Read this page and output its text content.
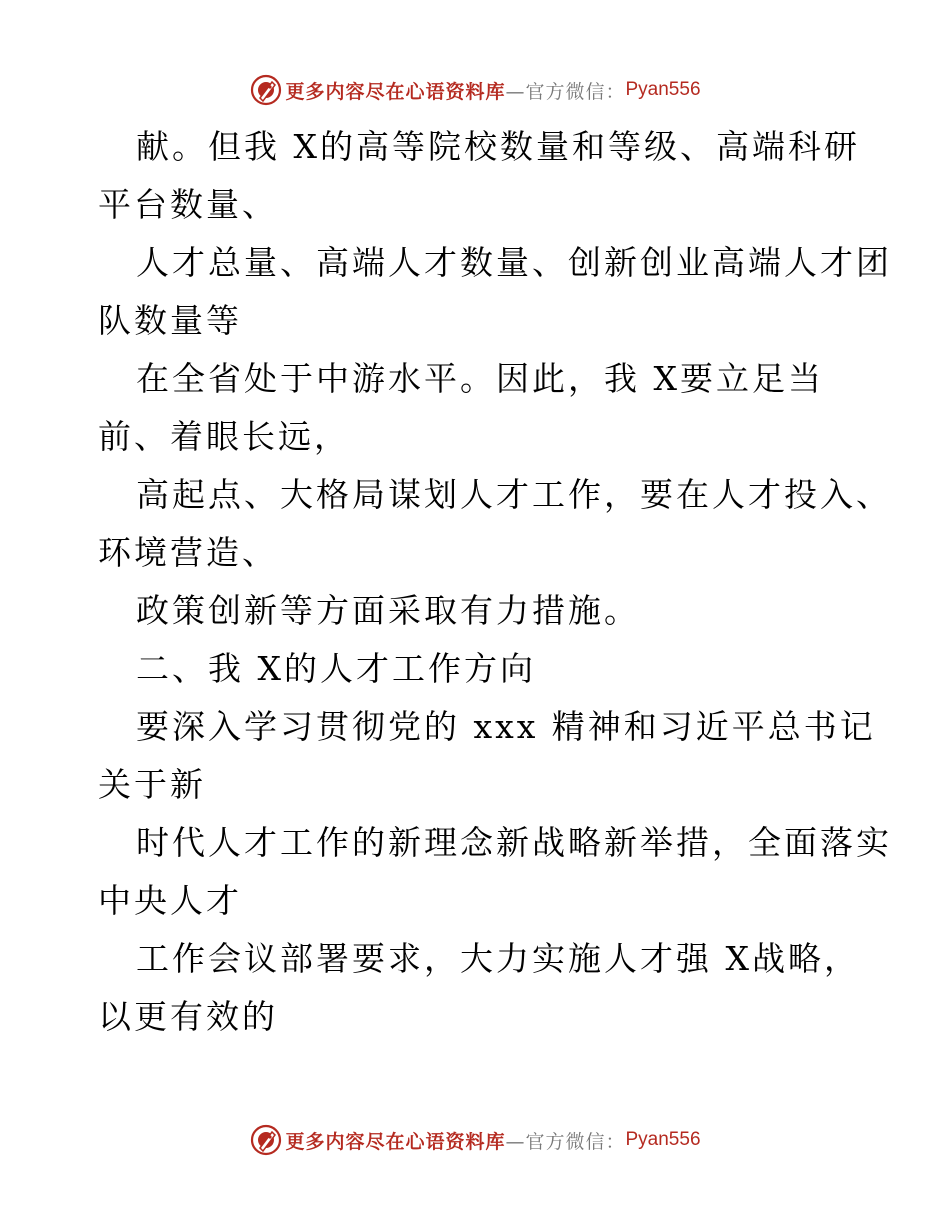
更多内容尽在心语资料库 —官方微信： Pyan556
献。但我 X的高等院校数量和等级、高端科研
平台数量、
人才总量、高端人才数量、创新创业高端人才团
队数量等
在全省处于中游水平。因此，我 X要立足当
前、着眼长远，
高起点、大格局谋划人才工作，要在人才投入、
环境营造、
政策创新等方面采取有力措施。
二、我 X的人才工作方向
要深入学习贯彻党的 xxx 精神和习近平总书记
关于新
时代人才工作的新理念新战略新举措，全面落实
中央人才
工作会议部署要求，大力实施人才强 X战略，
以更有效的
更多内容尽在心语资料库 —官方微信： Pyan556
